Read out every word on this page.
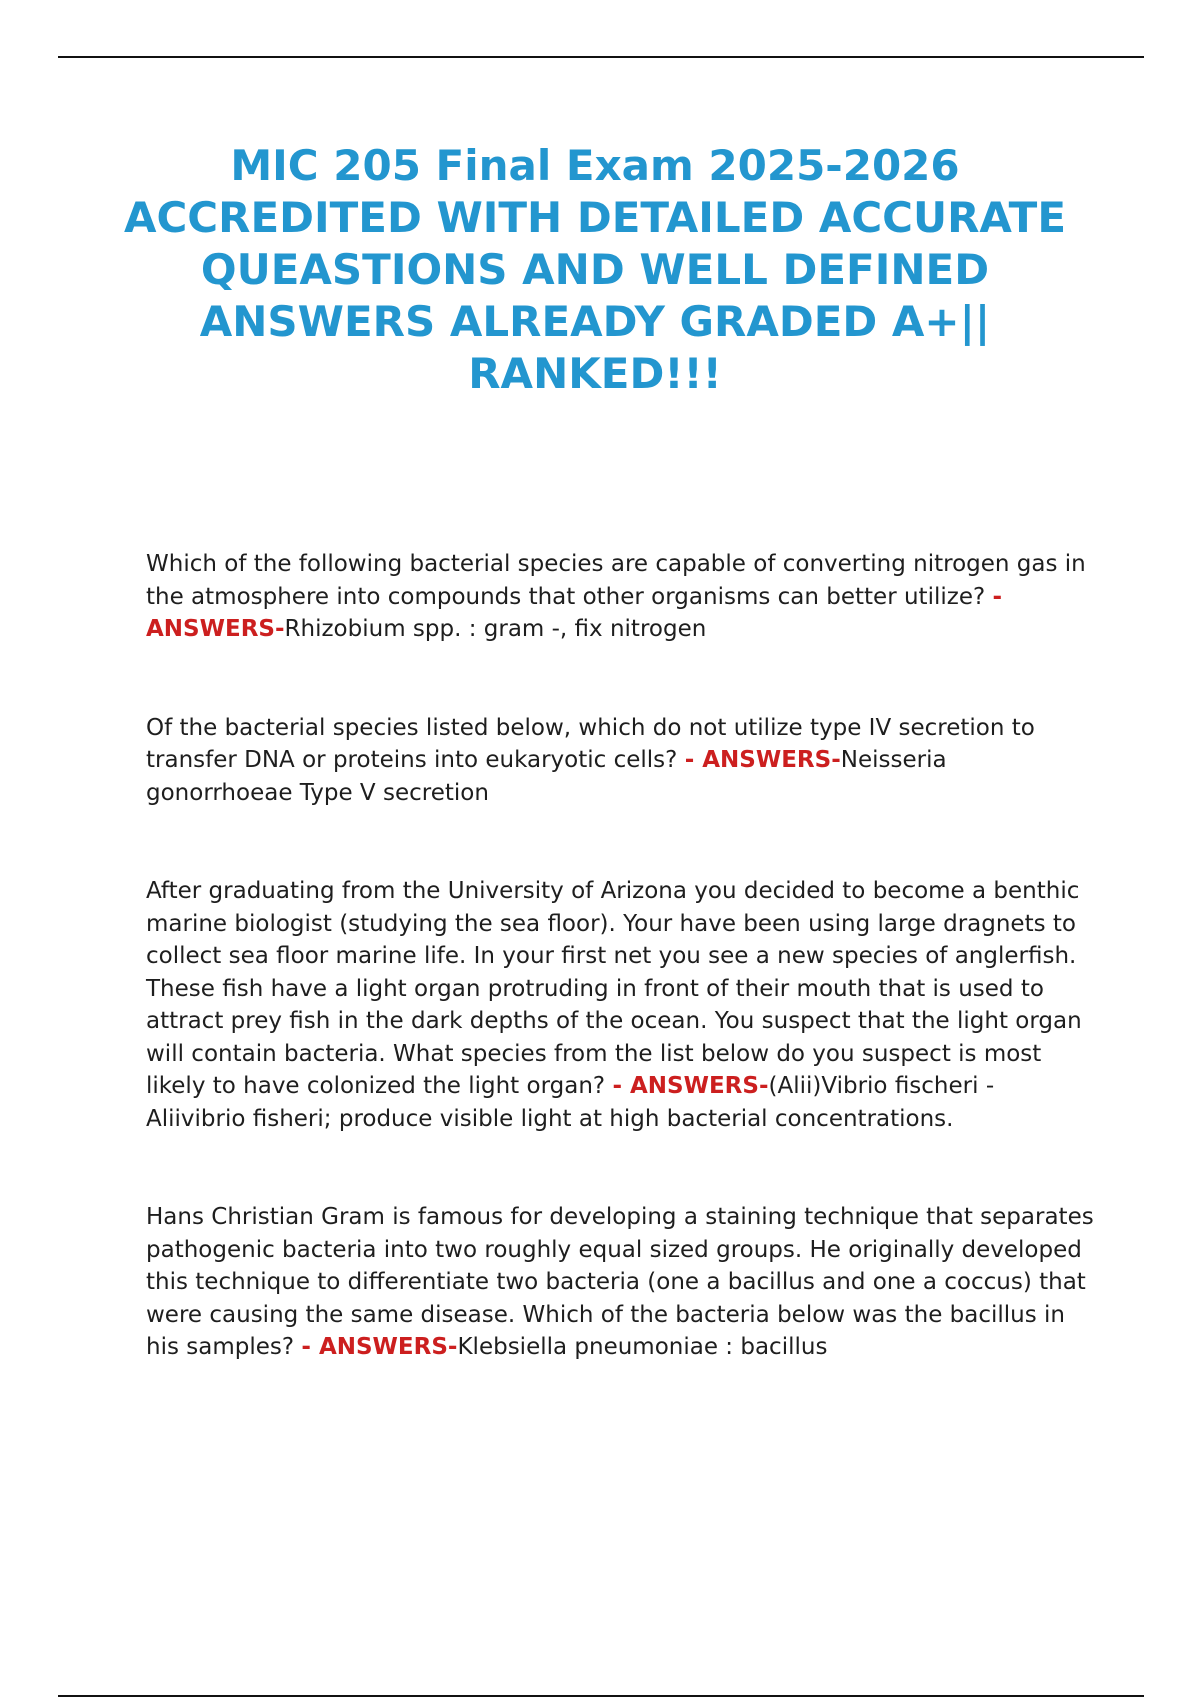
MIC 205 Final Exam 2025-2026 ACCREDITED WITH DETAILED ACCURATE QUEASTIONS AND WELL DEFINED ANSWERS ALREADY GRADED A+|| RANKED!!!

Which of the following bacterial species are capable of converting nitrogen gas in the atmosphere into compounds that other organisms can better utilize? - ANSWERS-Rhizobium spp. : gram -, fix nitrogen

Of the bacterial species listed below, which do not utilize type IV secretion to transfer DNA or proteins into eukaryotic cells? - ANSWERS-Neisseria gonorrhoeae Type V secretion

After graduating from the University of Arizona you decided to become a benthic marine biologist (studying the sea floor). Your have been using large dragnets to collect sea floor marine life. In your first net you see a new species of anglerfish. These fish have a light organ protruding in front of their mouth that is used to attract prey fish in the dark depths of the ocean. You suspect that the light organ will contain bacteria. What species from the list below do you suspect is most likely to have colonized the light organ? - ANSWERS-(Alii)Vibrio fischeri - Aliivibrio fisheri; produce visible light at high bacterial concentrations.

Hans Christian Gram is famous for developing a staining technique that separates pathogenic bacteria into two roughly equal sized groups. He originally developed this technique to differentiate two bacteria (one a bacillus and one a coccus) that were causing the same disease. Which of the bacteria below was the bacillus in his samples? - ANSWERS-Klebsiella pneumoniae : bacillus
